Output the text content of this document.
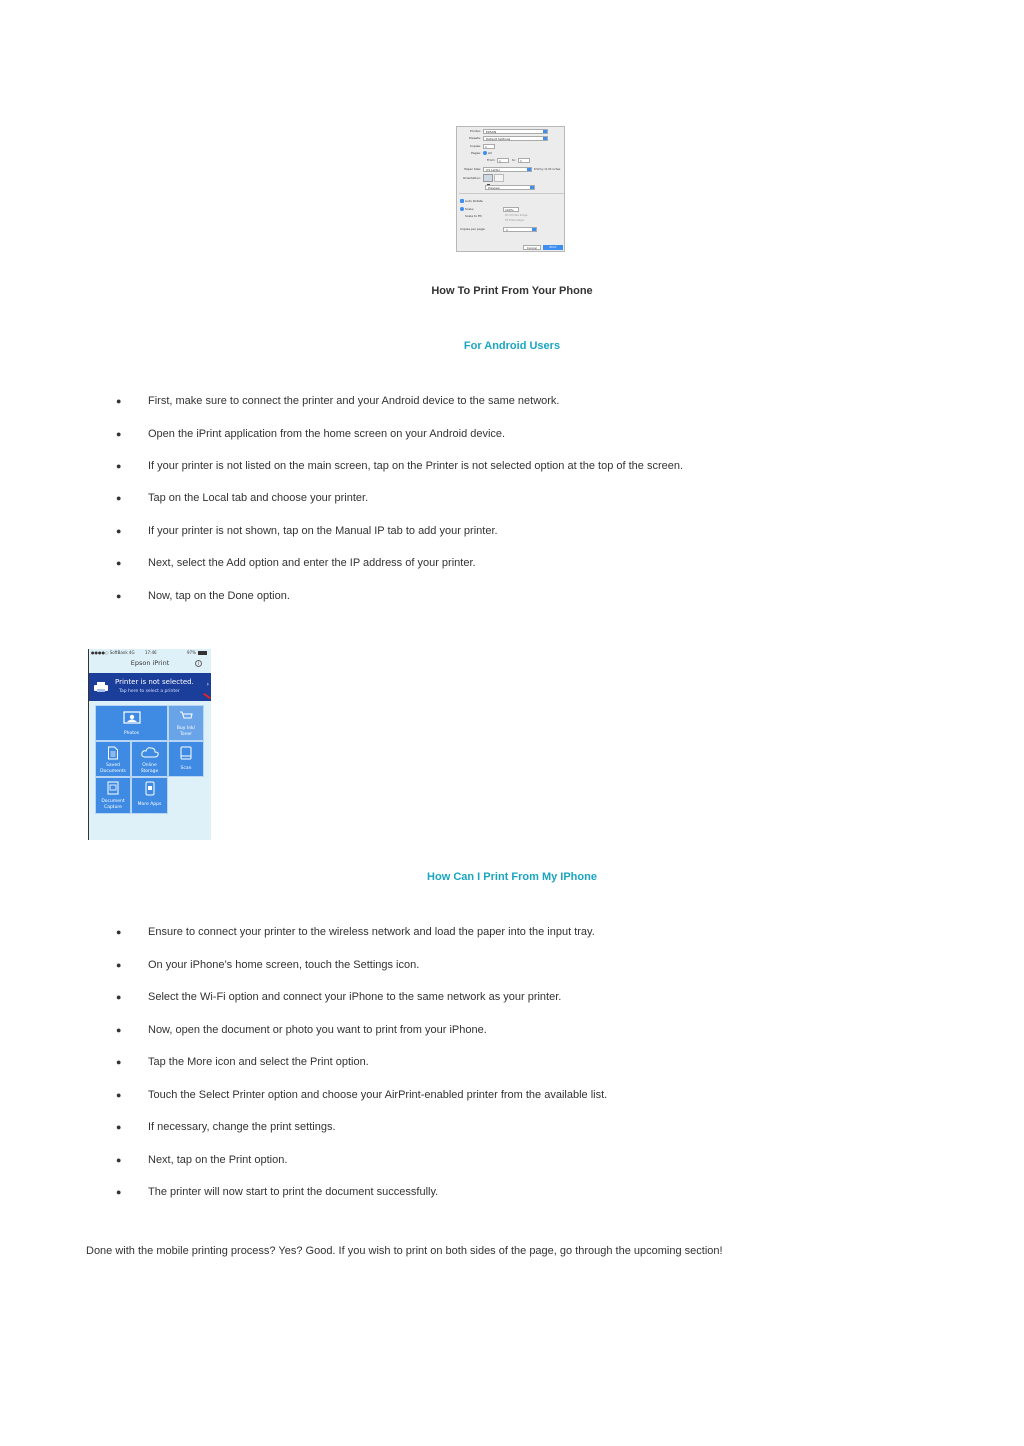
Printer:	EPSON
Presets:	Default Settings
Copies:	1
Pages: All
From:	1	to:	1
Paper Size:	US Letter	8.50 by 11.00 inches
Orientation:
Preview
Auto Rotate
Scale:	100%
Scale to Fit:	Print Entire Image
Fill Entire Paper
Copies per page:	1
Cancel	Print
How To Print From Your Phone
For Android Users
● First, make sure to connect the printer and your Android device to the same network.
● Open the iPrint application from the home screen on your Android device.
● If your printer is not listed on the main screen, tap on the Printer is not selected option at the top of the screen.
● Tap on the Local tab and choose your printer.
● If your printer is not shown, tap on the Manual IP tab to add your printer.
● Next, select the Add option and enter the IP address of your printer.
● Now, tap on the Done option.
●●●●○ SoftBank 4G	17:46	97%
Epson iPrint	i
Printer is not selected.
Tap here to select a printer
›
Photos
Buy Ink/
Toner
Saved
Documents
Online
Storage
Scan
Document
Capture
More Apps
How Can I Print From My IPhone
● Ensure to connect your printer to the wireless network and load the paper into the input tray.
● On your iPhone’s home screen, touch the Settings icon.
● Select the Wi-Fi option and connect your iPhone to the same network as your printer.
● Now, open the document or photo you want to print from your iPhone.
● Tap the More icon and select the Print option.
● Touch the Select Printer option and choose your AirPrint-enabled printer from the available list.
● If necessary, change the print settings.
● Next, tap on the Print option.
● The printer will now start to print the document successfully.
Done with the mobile printing process? Yes? Good. If you wish to print on both sides of the page, go through the upcoming section!
